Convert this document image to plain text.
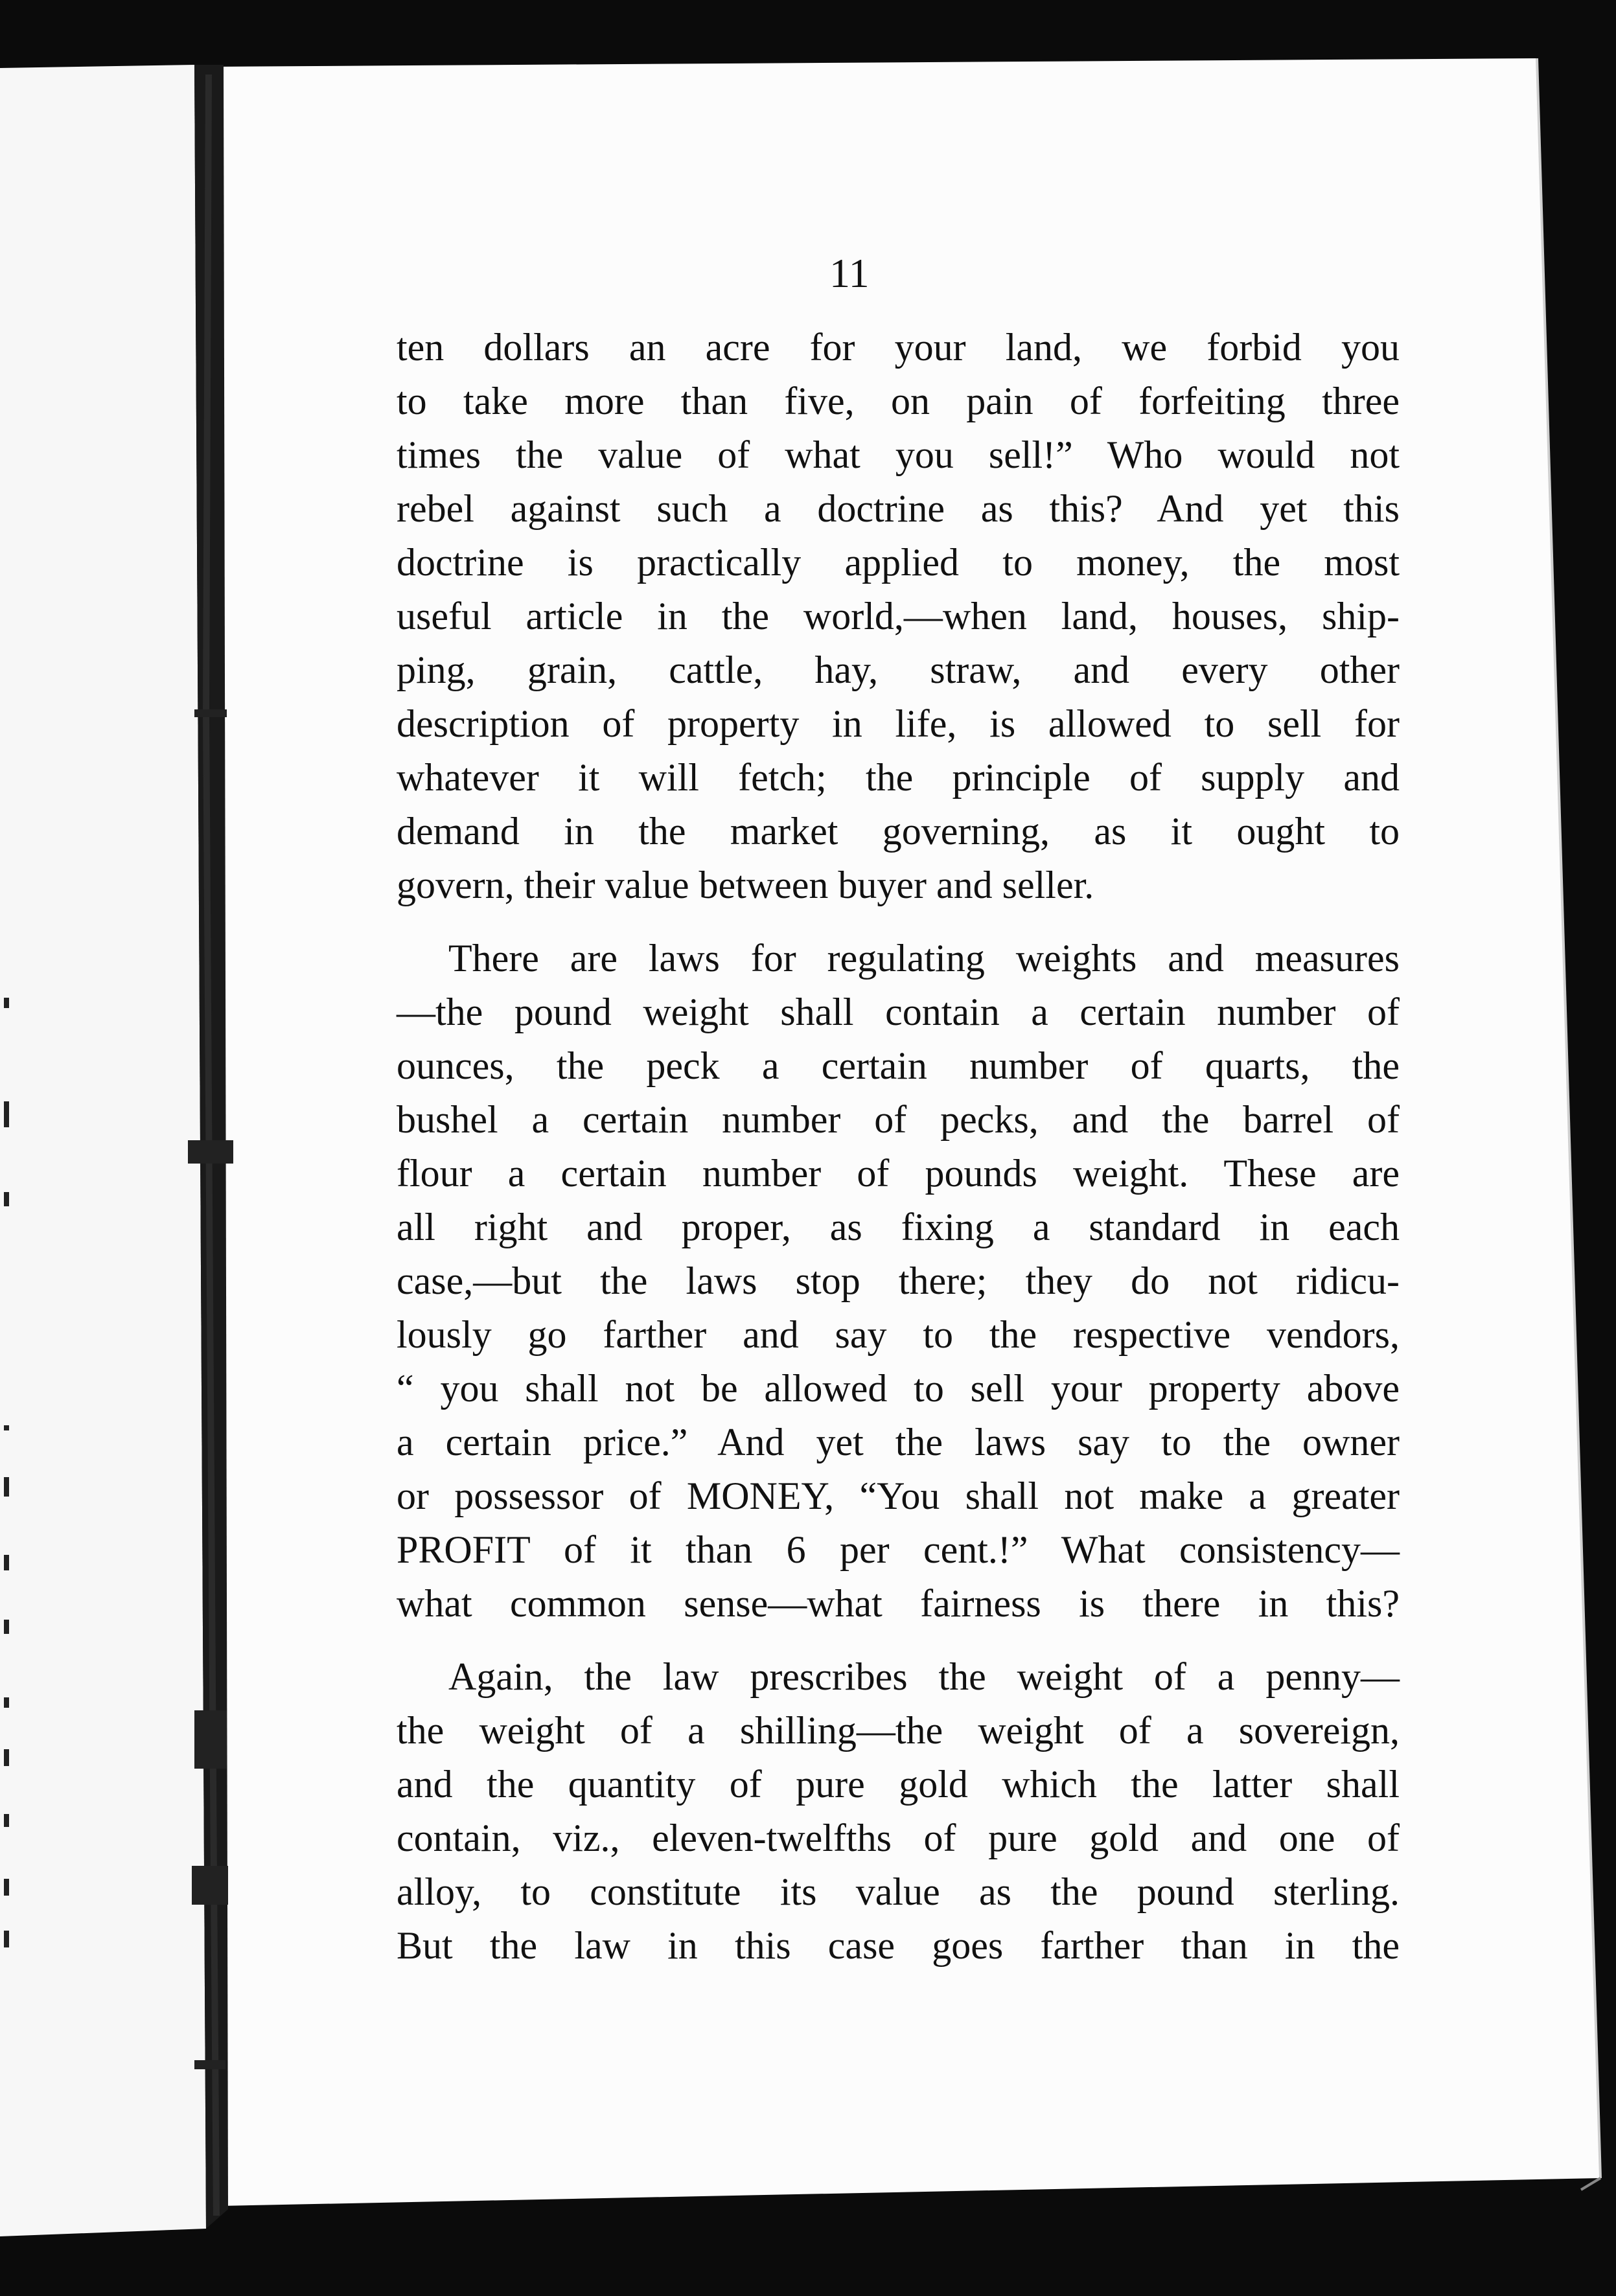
11
ten dollars an acre for your land, we forbid you
to take more than five, on pain of forfeiting three
times the value of what you sell!” Who would not
rebel against such a doctrine as this? And yet this
doctrine is practically applied to money, the most
useful article in the world,—when land, houses, ship-
ping, grain, cattle, hay, straw, and every other
description of property in life, is allowed to sell for
whatever it will fetch; the principle of supply and
demand in the market governing, as it ought to
govern, their value between buyer and seller.
There are laws for regulating weights and measures
—the pound weight shall contain a certain number of
ounces, the peck a certain number of quarts, the
bushel a certain number of pecks, and the barrel of
flour a certain number of pounds weight. These are
all right and proper, as fixing a standard in each
case,—but the laws stop there; they do not ridicu-
lously go farther and say to the respective vendors,
“ you shall not be allowed to sell your property above
a certain price.” And yet the laws say to the owner
or possessor of MONEY, “You shall not make a greater
PROFIT of it than 6 per cent.!” What consistency—
what common sense—what fairness is there in this?
Again, the law prescribes the weight of a penny—
the weight of a shilling—the weight of a sovereign,
and the quantity of pure gold which the latter shall
contain, viz., eleven-twelfths of pure gold and one of
alloy, to constitute its value as the pound sterling.
But the law in this case goes farther than in the
